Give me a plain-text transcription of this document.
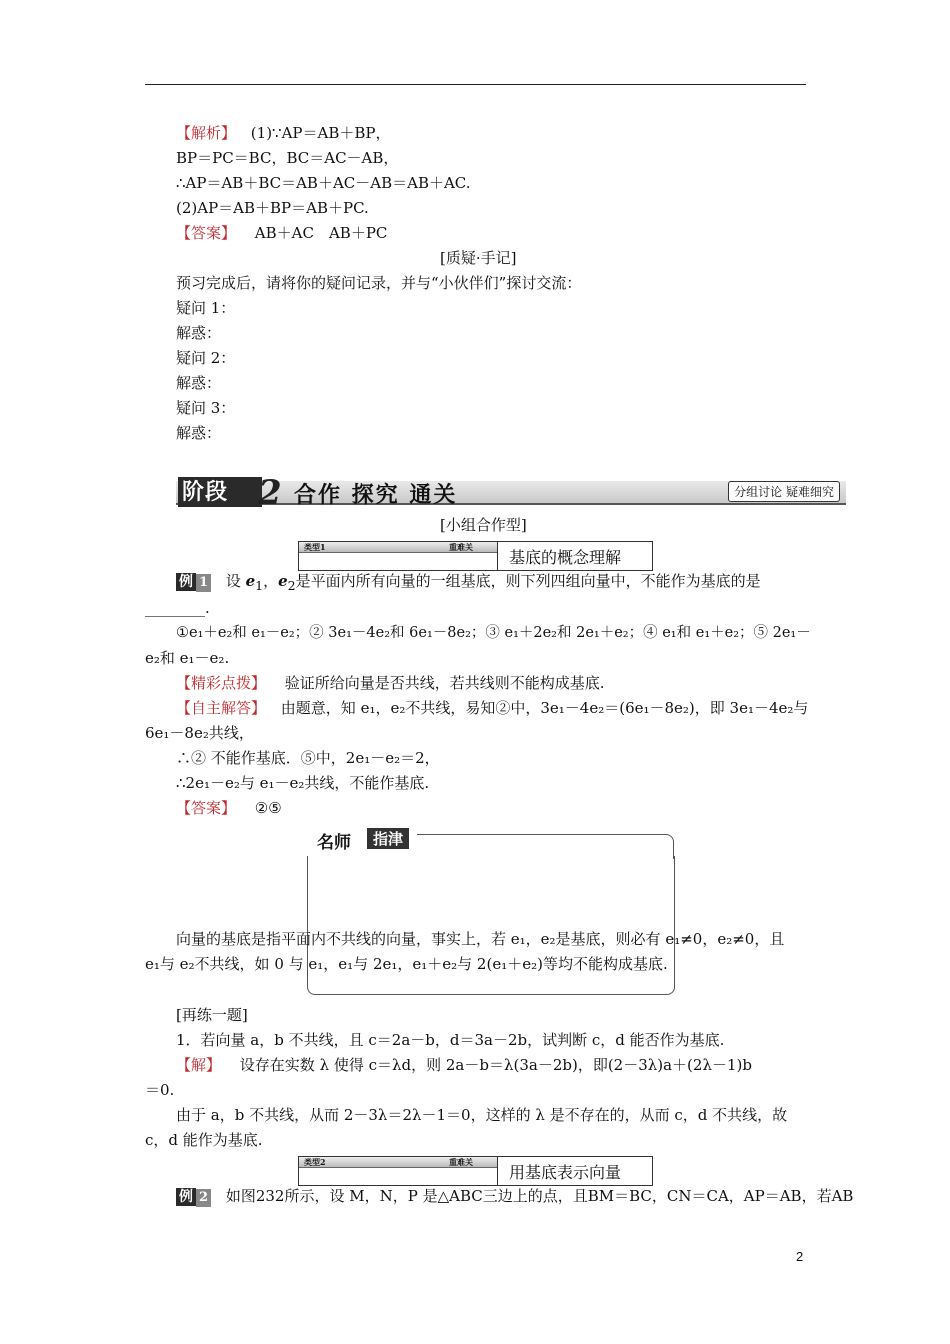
【解析】 (1)∵AP＝AB＋BP，
BP＝PC＝BC，BC＝AC－AB，
∴AP＝AB＋BC＝AB＋AC－AB＝AB＋AC.
(2)AP＝AB＋BP＝AB＋PC.
【答案】 AB＋AC　AB＋PC
[质疑·手记]
预习完成后，请将你的疑问记录，并与“小伙伴们”探讨交流：
疑问 1：
解惑：
疑问 2：
解惑：
疑问 3：
解惑：
阶段 2 合作 探究 通关	分组讨论 疑难细究
[小组合作型]
类型1	重难关
基底的概念理解
例 1 设 $e_1$，$e_2$是平面内所有向量的一组基底，则下列四组向量中，不能作为基底的是
________.
①e₁＋e₂和 e₁－e₂；② 3e₁－4e₂和 6e₁－8e₂；③ e₁＋2e₂和 2e₁＋e₂；④ e₁和 e₁＋e₂；⑤ 2e₁－
e₂和 e₁－e₂.
【精彩点拨】 验证所给向量是否共线，若共线则不能构成基底.
【自主解答】 由题意，知 e₁，e₂不共线，易知②中，3e₁－4e₂＝(6e₁－8e₂)，即 3e₁－4e₂与
6e₁－8e₂共线，
∴② 不能作基底．⑤中，2e₁－e₂＝2，
∴2e₁－e₂与 e₁－e₂共线，不能作基底.
【答案】 ②⑤
名师	指津
向量的基底是指平面内不共线的向量，事实上，若 e₁，e₂是基底，则必有 e₁≠0，e₂≠0，且
e₁与 e₂不共线，如 0 与 e₁，e₁与 2e₁，e₁＋e₂与 2(e₁＋e₂)等均不能构成基底.
[再练一题]
1．若向量 a，b 不共线，且 c＝2a－b，d＝3a－2b，试判断 c，d 能否作为基底.
【解】 设存在实数 λ 使得 c＝λd，则 2a－b＝λ(3a－2b)，即(2－3λ)a＋(2λ－1)b
＝0.
由于 a，b 不共线，从而 2－3λ＝2λ－1＝0，这样的 λ 是不存在的，从而 c，d 不共线，故
c，d 能作为基底.
类型2	重难关
用基底表示向量
例 2 如图232所示，设 M，N，P 是△ABC三边上的点，且BM＝BC，CN＝CA，AP＝AB，若AB
2
